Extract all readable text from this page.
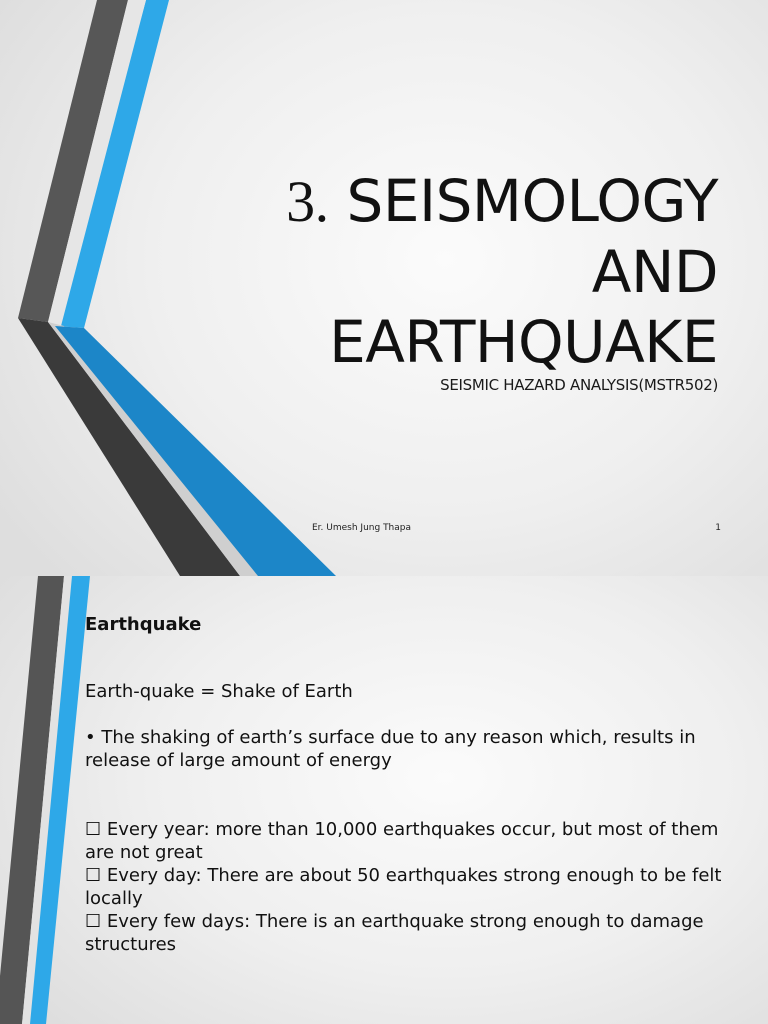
3. SEISMOLOGY AND
EARTHQUAKE
SEISMIC HAZARD ANALYSIS(MSTR502)
Er. Umesh Jung Thapa	1
Earthquake

Earth-quake = Shake of Earth

• The shaking of earth’s surface due to any reason which, results in release of large amount of energy

☐ Every year: more than 10,000 earthquakes occur, but most of them are not great

☐ Every day: There are about 50 earthquakes strong enough to be felt locally

☐ Every few days: There is an earthquake strong enough to damage structures
